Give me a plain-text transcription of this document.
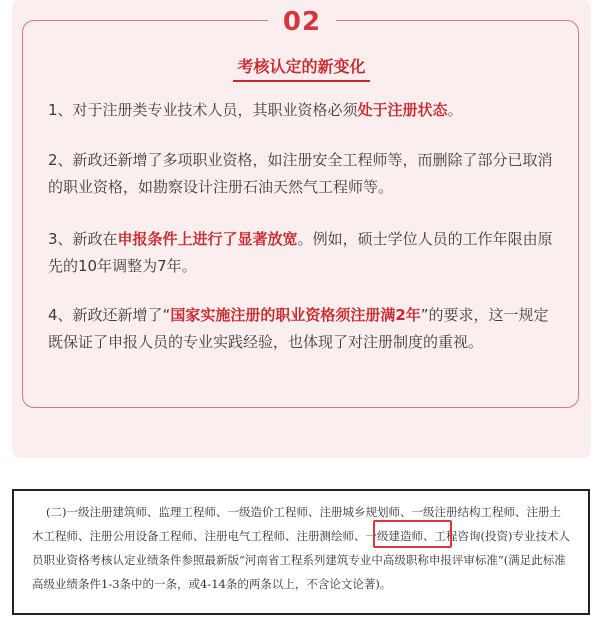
02
考核认定的新变化
1、对于注册类专业技术人员，其职业资格必须处于注册状态。
2、新政还新增了多项职业资格，如注册安全工程师等，而删除了部分已取消的职业资格，如勘察设计注册石油天然气工程师等。
3、新政在申报条件上进行了显著放宽。例如，硕士学位人员的工作年限由原先的10年调整为7年。
4、新政还新增了“国家实施注册的职业资格须注册满2年”的要求，这一规定既保证了申报人员的专业实践经验，也体现了对注册制度的重视。
(二)一级注册建筑师、监理工程师、一级造价工程师、注册城乡规划师、一级注册结构工程师、注册土木工程师、注册公用设备工程师、注册电气工程师、注册测绘师、一级建造师、工程咨询(投资)专业技术人员职业资格考核认定业绩条件参照最新版“河南省工程系列建筑专业中高级职称申报评审标准”(满足此标准高级业绩条件1-3条中的一条，或4-14条的两条以上，不含论文论著)。
